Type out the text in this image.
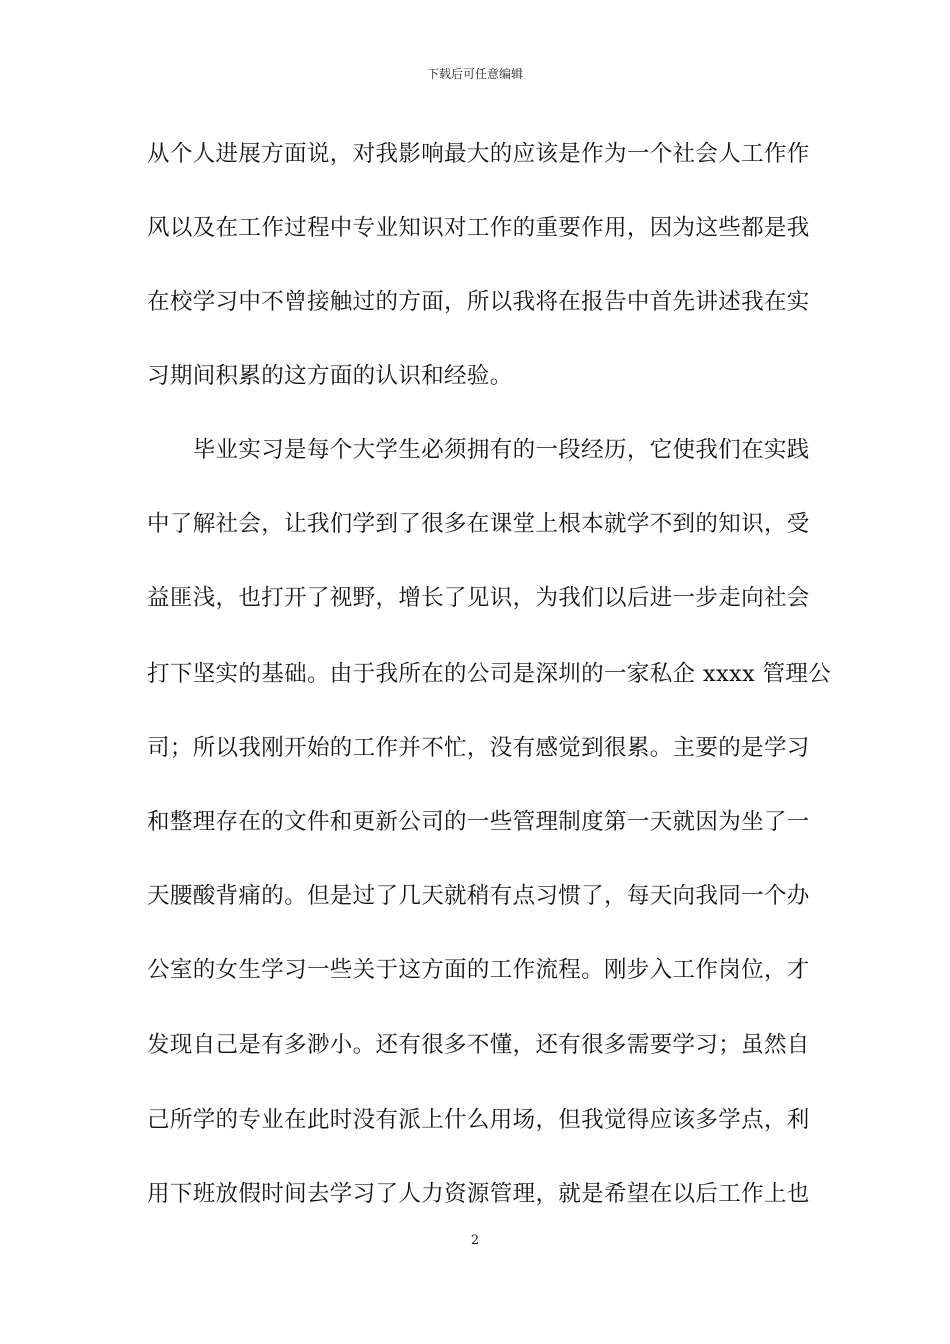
下载后可任意编辑
从个人进展方面说，对我影响最大的应该是作为一个社会人工作作
风以及在工作过程中专业知识对工作的重要作用，因为这些都是我
在校学习中不曾接触过的方面，所以我将在报告中首先讲述我在实
习期间积累的这方面的认识和经验。
　　毕业实习是每个大学生必须拥有的一段经历，它使我们在实践
中了解社会，让我们学到了很多在课堂上根本就学不到的知识，受
益匪浅，也打开了视野，增长了见识，为我们以后进一步走向社会
打下坚实的基础。由于我所在的公司是深圳的一家私企 xxxx 管理公
司；所以我刚开始的工作并不忙，没有感觉到很累。主要的是学习
和整理存在的文件和更新公司的一些管理制度第一天就因为坐了一
天腰酸背痛的。但是过了几天就稍有点习惯了，每天向我同一个办
公室的女生学习一些关于这方面的工作流程。刚步入工作岗位，才
发现自己是有多渺小。还有很多不懂，还有很多需要学习；虽然自
己所学的专业在此时没有派上什么用场，但我觉得应该多学点，利
用下班放假时间去学习了人力资源管理，就是希望在以后工作上也
2
